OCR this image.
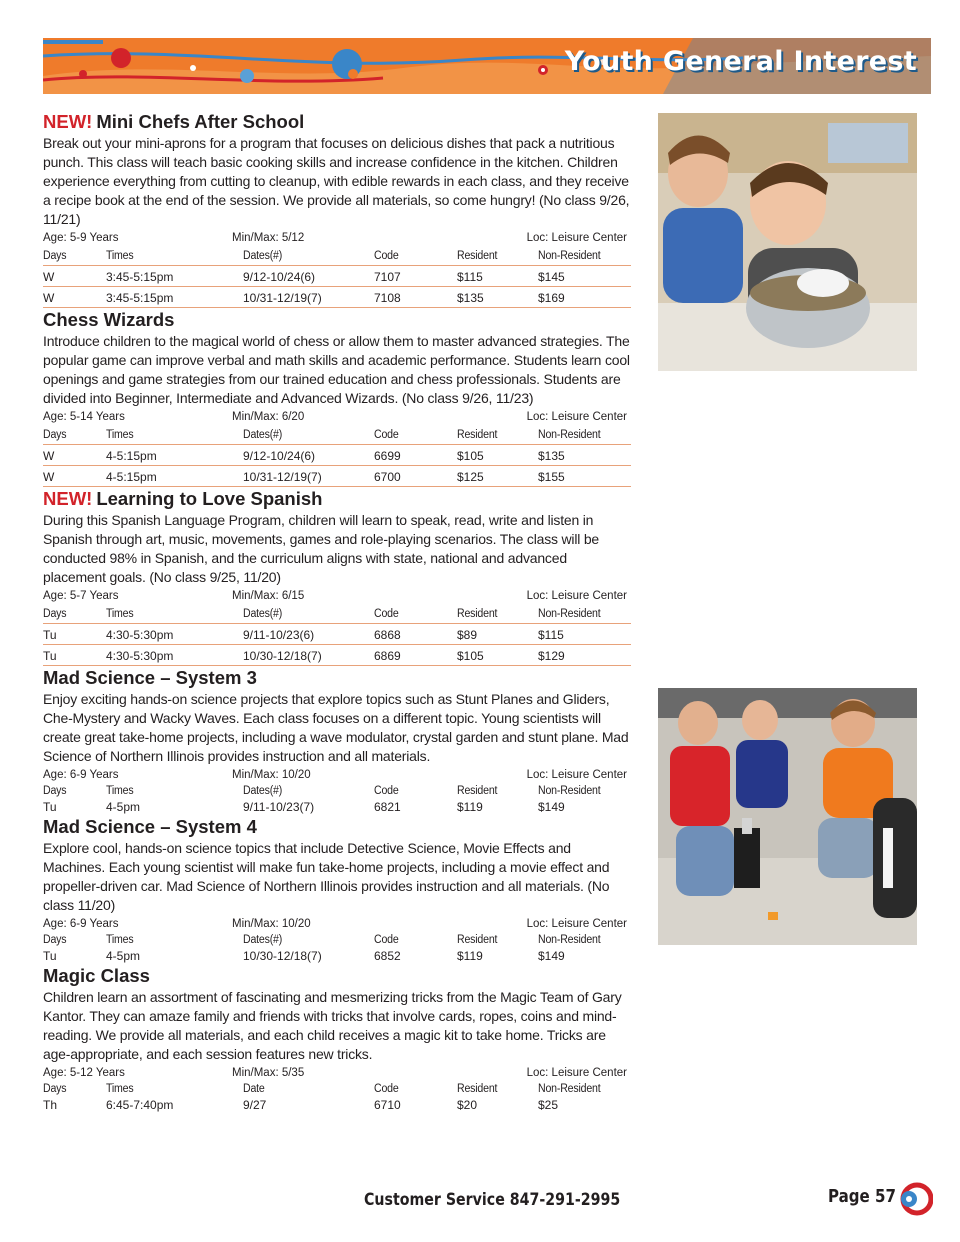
Youth General Interest
NEW! Mini Chefs After School

Break out your mini-aprons for a program that focuses on delicious dishes that pack a nutritious punch. This class will teach basic cooking skills and increase confidence in the kitchen. Children experience everything from cutting to cleanup, with edible rewards in each class, and they receive a recipe book at the end of the session. We provide all materials, so come hungry! (No class 9/26, 11/21)

Age: 5-9 Years	Min/Max: 5/12	Loc: Leisure Center
Days	Times	Dates(#)	Code	Resident	Non-Resident
W	3:45-5:15pm	9/12-10/24(6)	7107	$115	$145
W	3:45-5:15pm	10/31-12/19(7)	7108	$135	$169
Chess Wizards

Introduce children to the magical world of chess or allow them to master advanced strategies. The popular game can improve verbal and math skills and academic performance. Students learn cool openings and game strategies from our trained education and chess professionals. Students are divided into Beginner, Intermediate and Advanced Wizards. (No class 9/26, 11/23)

Age: 5-14 Years	Min/Max: 6/20	Loc: Leisure Center
Days	Times	Dates(#)	Code	Resident	Non-Resident
W	4-5:15pm	9/12-10/24(6)	6699	$105	$135
W	4-5:15pm	10/31-12/19(7)	6700	$125	$155
NEW! Learning to Love Spanish

During this Spanish Language Program, children will learn to speak, read, write and listen in Spanish through art, music, movements, games and role-playing scenarios. The class will be conducted 98% in Spanish, and the curriculum aligns with state, national and advanced placement goals. (No class 9/25, 11/20)

Age: 5-7 Years	Min/Max: 6/15	Loc: Leisure Center
Days	Times	Dates(#)	Code	Resident	Non-Resident
Tu	4:30-5:30pm	9/11-10/23(6)	6868	$89	$115
Tu	4:30-5:30pm	10/30-12/18(7)	6869	$105	$129
Mad Science – System 3

Enjoy exciting hands-on science projects that explore topics such as Stunt Planes and Gliders, Che-Mystery and Wacky Waves. Each class focuses on a different topic. Young scientists will create great take-home projects, including a wave modulator, crystal garden and stunt plane. Mad Science of Northern Illinois provides instruction and all materials.

Age: 6-9 Years	Min/Max: 10/20	Loc: Leisure Center
Days	Times	Dates(#)	Code	Resident	Non-Resident
Tu	4-5pm	9/11-10/23(7)	6821	$119	$149
Mad Science – System 4

Explore cool, hands-on science topics that include Detective Science, Movie Effects and Machines. Each young scientist will make fun take-home projects, including a movie effect and propeller-driven car. Mad Science of Northern Illinois provides instruction and all materials. (No class 11/20)

Age: 6-9 Years	Min/Max: 10/20	Loc: Leisure Center
Days	Times	Dates(#)	Code	Resident	Non-Resident
Tu	4-5pm	10/30-12/18(7)	6852	$119	$149
Magic Class

Children learn an assortment of fascinating and mesmerizing tricks from the Magic Team of Gary Kantor. They can amaze family and friends with tricks that involve cards, ropes, coins and mind-reading. We provide all materials, and each child receives a magic kit to take home. Tricks are age-appropriate, and each session features new tricks.

Age: 5-12 Years	Min/Max: 5/35	Loc: Leisure Center
Days	Times	Date	Code	Resident	Non-Resident
Th	6:45-7:40pm	9/27	6710	$20	$25
Customer Service 847-291-2995	Page 57
